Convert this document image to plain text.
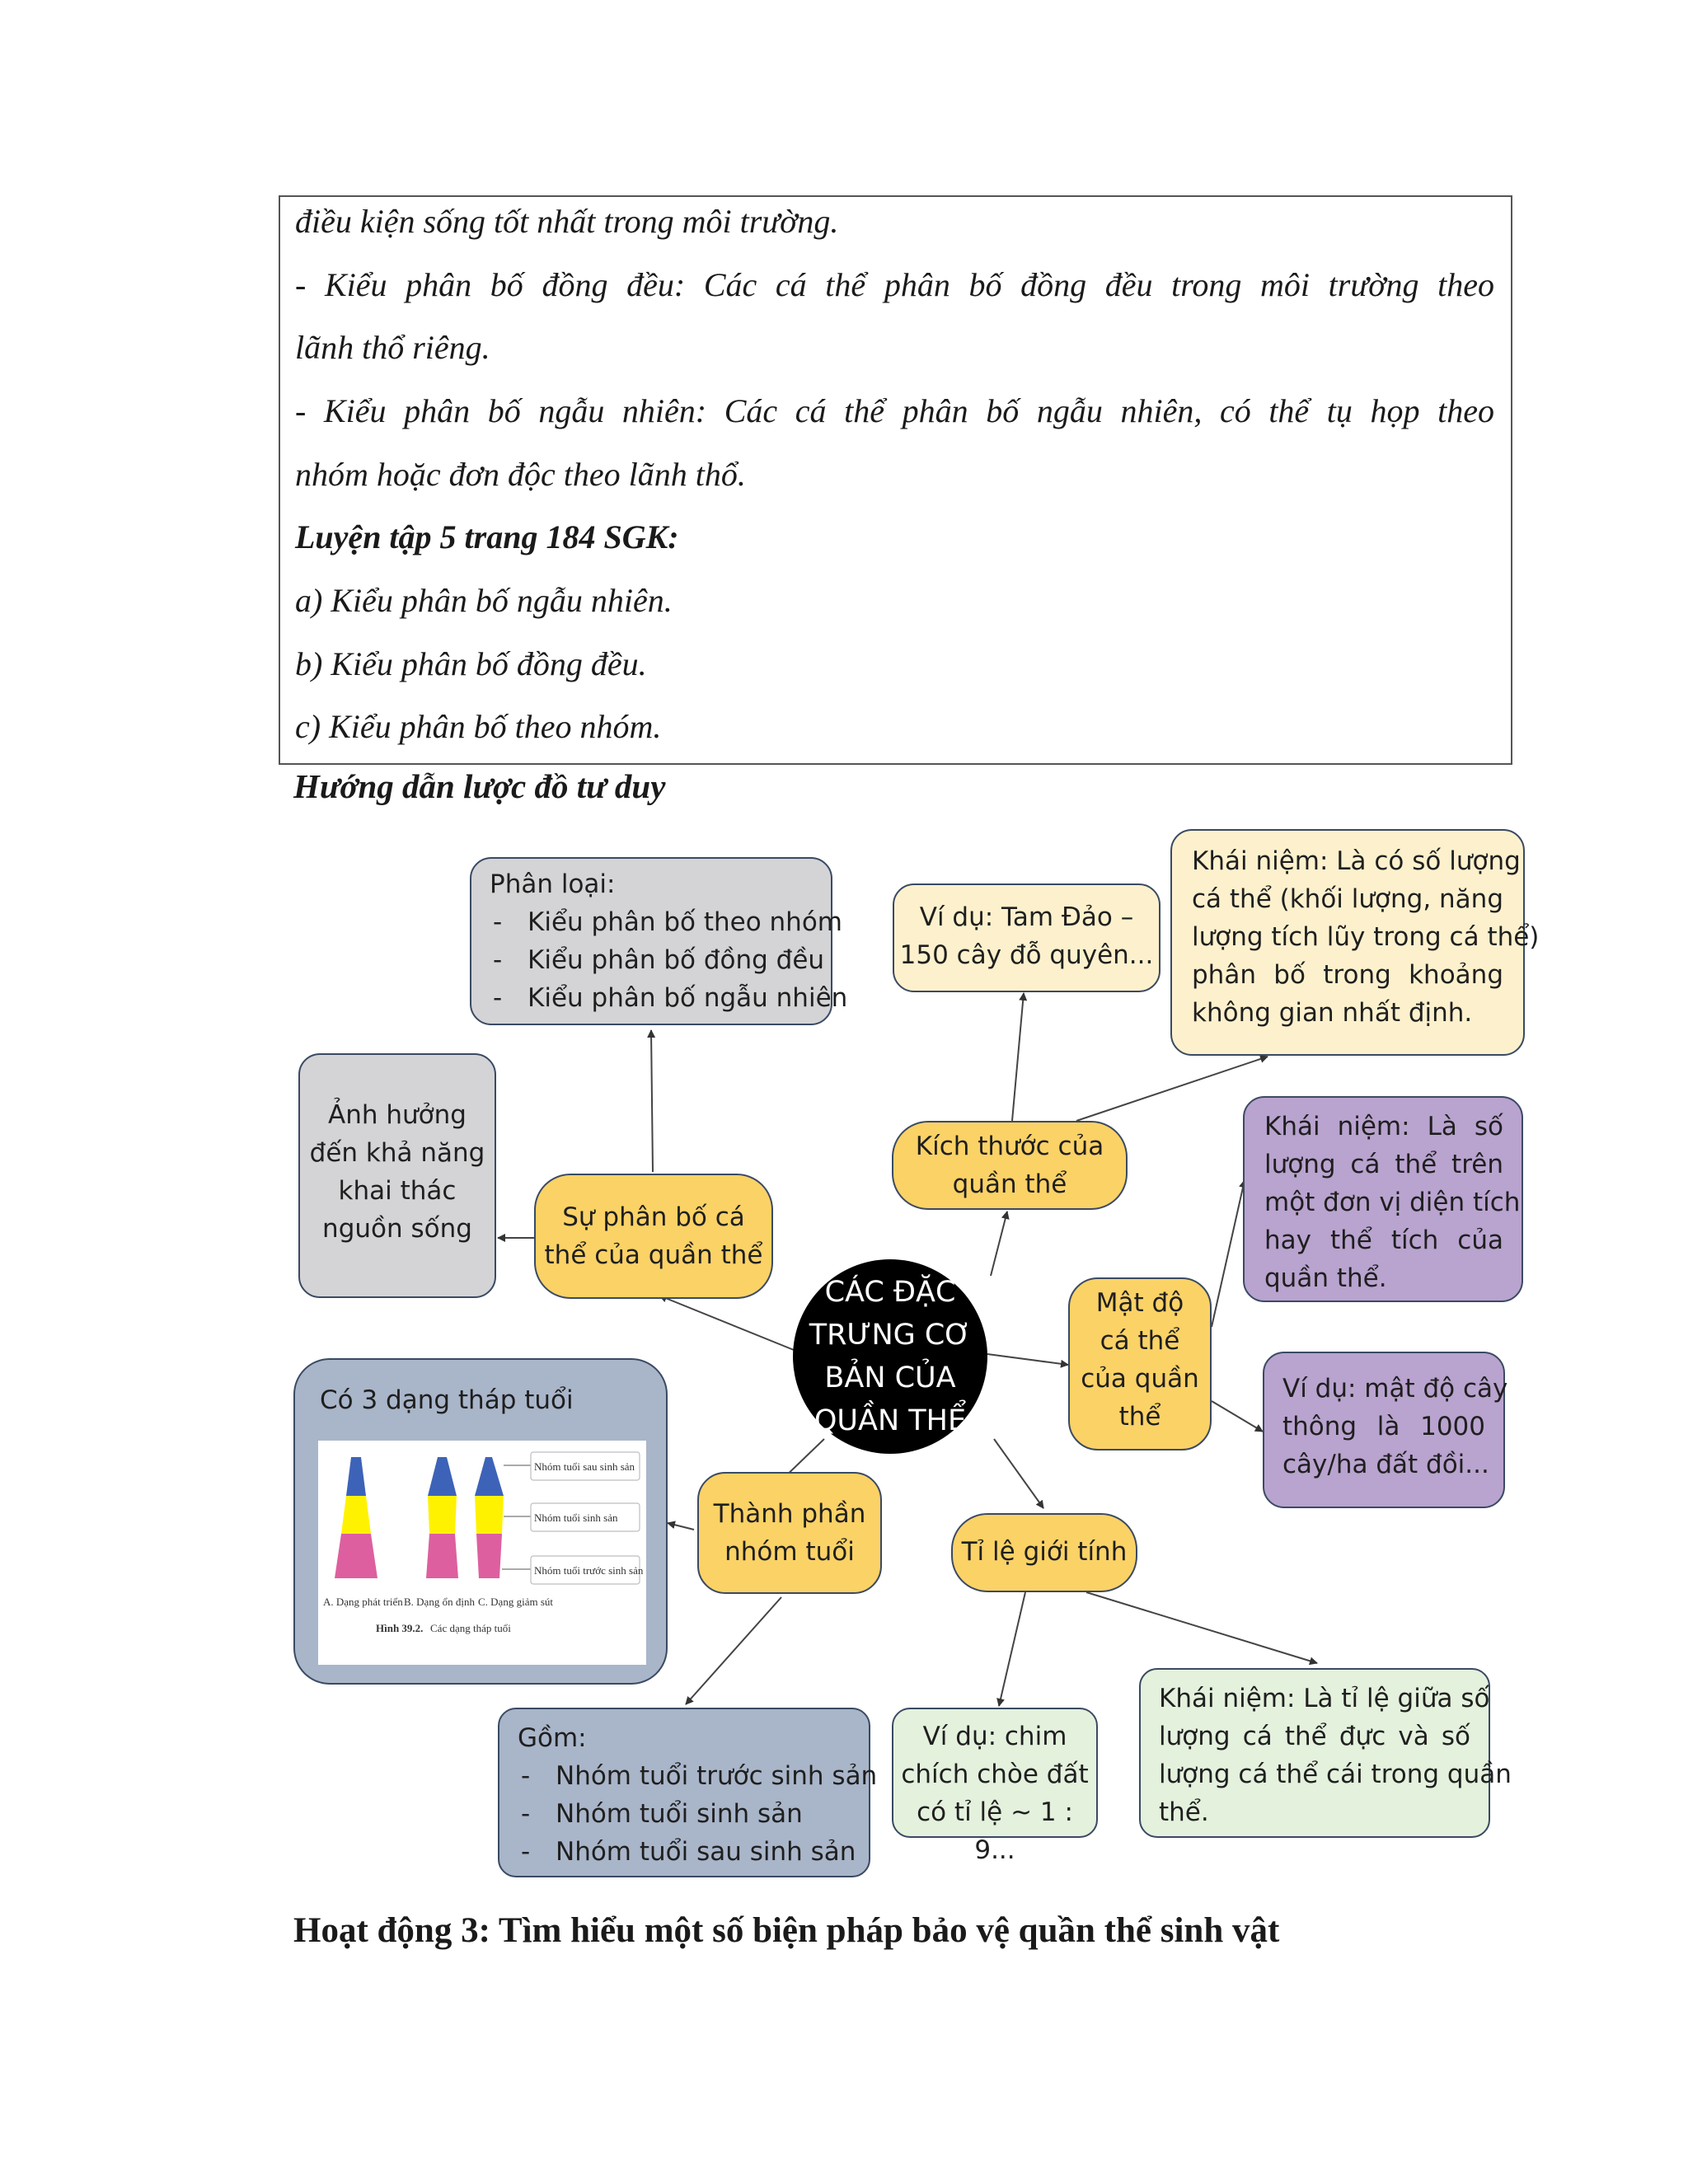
điều kiện sống tốt nhất trong môi trường.
- Kiểu phân bố đồng đều: Các cá thể phân bố đồng đều trong môi trường theo
lãnh thổ riêng.
- Kiểu phân bố ngẫu nhiên: Các cá thể phân bố ngẫu nhiên, có thể tụ họp theo
nhóm hoặc đơn độc theo lãnh thổ.
Luyện tập 5 trang 184 SGK:
a) Kiểu phân bố ngẫu nhiên.
b) Kiểu phân bố đồng đều.
c) Kiểu phân bố theo nhóm.
Hướng dẫn lược đồ tư duy
Phân loại:
- Kiểu phân bố theo nhóm
- Kiểu phân bố đồng đều
- Kiểu phân bố ngẫu nhiên
Ảnh hưởng
đến khả năng
khai thác
nguồn sống	Sự phân bố cá
thể của quần thể
Ví dụ: Tam Đảo –
150 cây đỗ quyên...
Khái niệm: Là có số lượng
cá thể (khối lượng, năng
lượng tích lũy trong cá thể)
phân bố trong khoảng
không gian nhất định.
Kích thước của
quần thể
Khái niệm: Là số
lượng cá thể trên
một đơn vị diện tích
hay thể tích của
quần thể.
Mật độ
cá thể
của quần
thể
Ví dụ: mật độ cây
thông là 1000
cây/ha đất đồi...
CÁC ĐẶC
TRƯNG CƠ
BẢN CỦA
QUẦN THỂ
Có 3 dạng tháp tuổi
Nhóm tuổi sau sinh sản
Nhóm tuổi sinh sản
Nhóm tuổi trước sinh sản
A. Dạng phát triển B. Dạng ổn định C. Dạng giảm sút
Hình 39.2. Các dạng tháp tuổi
Thành phần
nhóm tuổi	Tỉ lệ giới tính
Gồm:
- Nhóm tuổi trước sinh sản
- Nhóm tuổi sinh sản
- Nhóm tuổi sau sinh sản
Ví dụ: chim
chích chòe đất
có tỉ lệ ~ 1 : 9...
Khái niệm: Là tỉ lệ giữa số
lượng cá thể đực và số
lượng cá thể cái trong quần
thể.
Hoạt động 3: Tìm hiểu một số biện pháp bảo vệ quần thể sinh vật
